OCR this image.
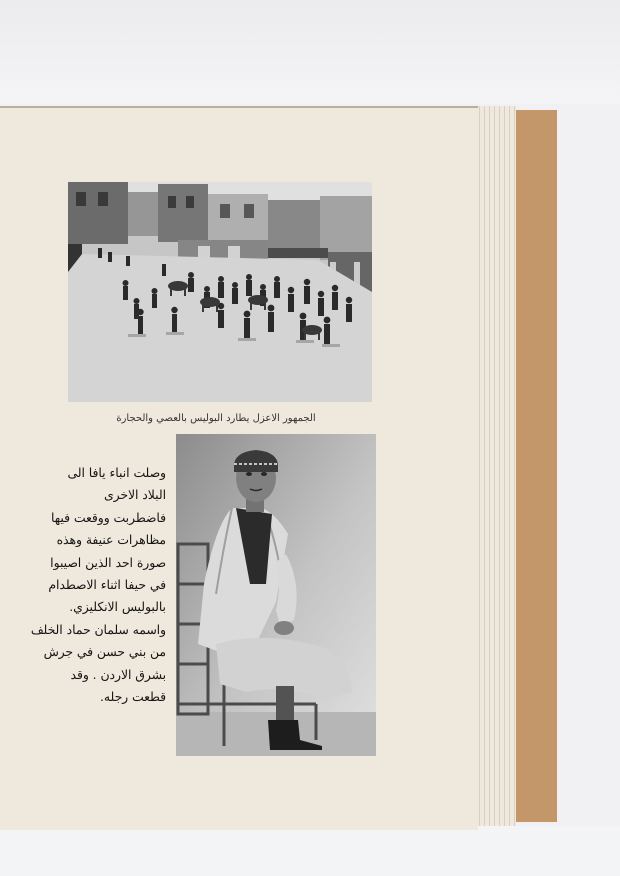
الجمهور الاعزل يطارد البوليس بالعصي والحجارة
وصلت انباء يافا الى
البلاد الاخرى
فاضطربت ووقعت فيها
مظاهرات عنيفة وهذه
صورة احد الذين اصيبوا
في حيفا اثناء الاصطدام
بالبوليس الانكليزي.
واسمه سلمان حماد الخلف
من بني حسن في جرش
بشرق الاردن . وقد
قطعت رجله.
